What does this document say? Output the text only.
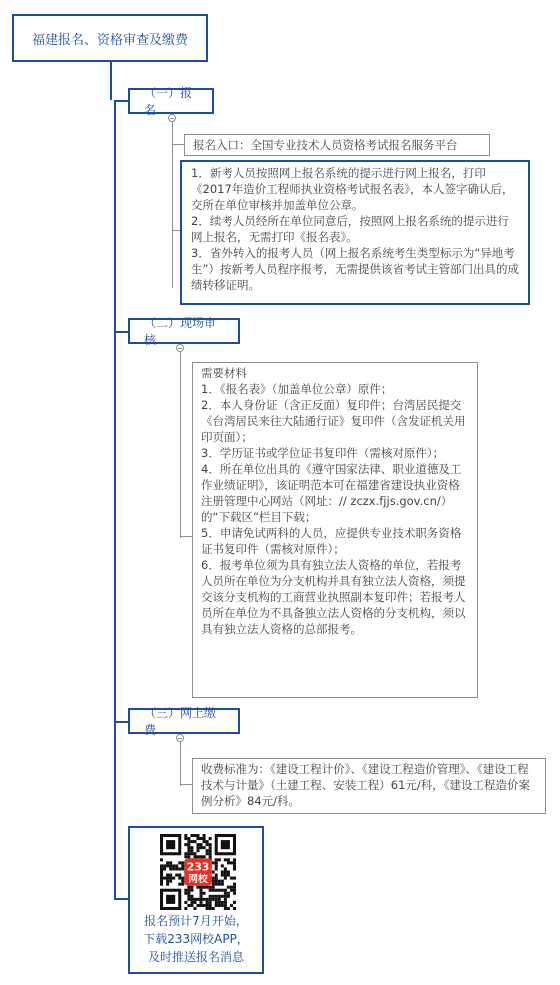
福建报名、资格审查及缴费
（一）报名

报名入口：全国专业技术人员资格考试报名服务平台

1．新考人员按照网上报名系统的提示进行网上报名，打印《2017年造价工程师执业资格考试报名表》，本人签字确认后，交所在单位审核并加盖单位公章。

2．续考人员经所在单位同意后，按照网上报名系统的提示进行网上报名，无需打印《报名表》。

3．省外转入的报考人员（网上报名系统考生类型标示为“异地考生”）按新考人员程序报考，无需提供该省考试主管部门出具的成绩转移证明。

（二）现场审核

需要材料

1．《报名表》（加盖单位公章）原件；

2．本人身份证（含正反面）复印件；台湾居民提交《台湾居民来往大陆通行证》复印件（含发证机关用印页面）；

3．学历证书或学位证书复印件（需核对原件）；

4．所在单位出具的《遵守国家法律、职业道德及工作业绩证明》，该证明范本可在福建省建设执业资格注册管理中心网站（网址：// zczx.fjjs.gov.cn/）的“下载区”栏目下载；

5．申请免试两科的人员，应提供专业技术职务资格证书复印件（需核对原件）；

6．报考单位须为具有独立法人资格的单位，若报考人员所在单位为分支机构并具有独立法人资格，须提交该分支机构的工商营业执照副本复印件；若报考人员所在单位为不具备独立法人资格的分支机构，须以具有独立法人资格的总部报考。

（三）网上缴费

收费标准为：《建设工程计价》、《建设工程造价管理》、《建设工程技术与计量》（土建工程、安装工程）61元/科，《建设工程造价案例分析》84元/科。

233
网校

报名预计7月开始，

下载233网校APP，

及时推送报名消息
